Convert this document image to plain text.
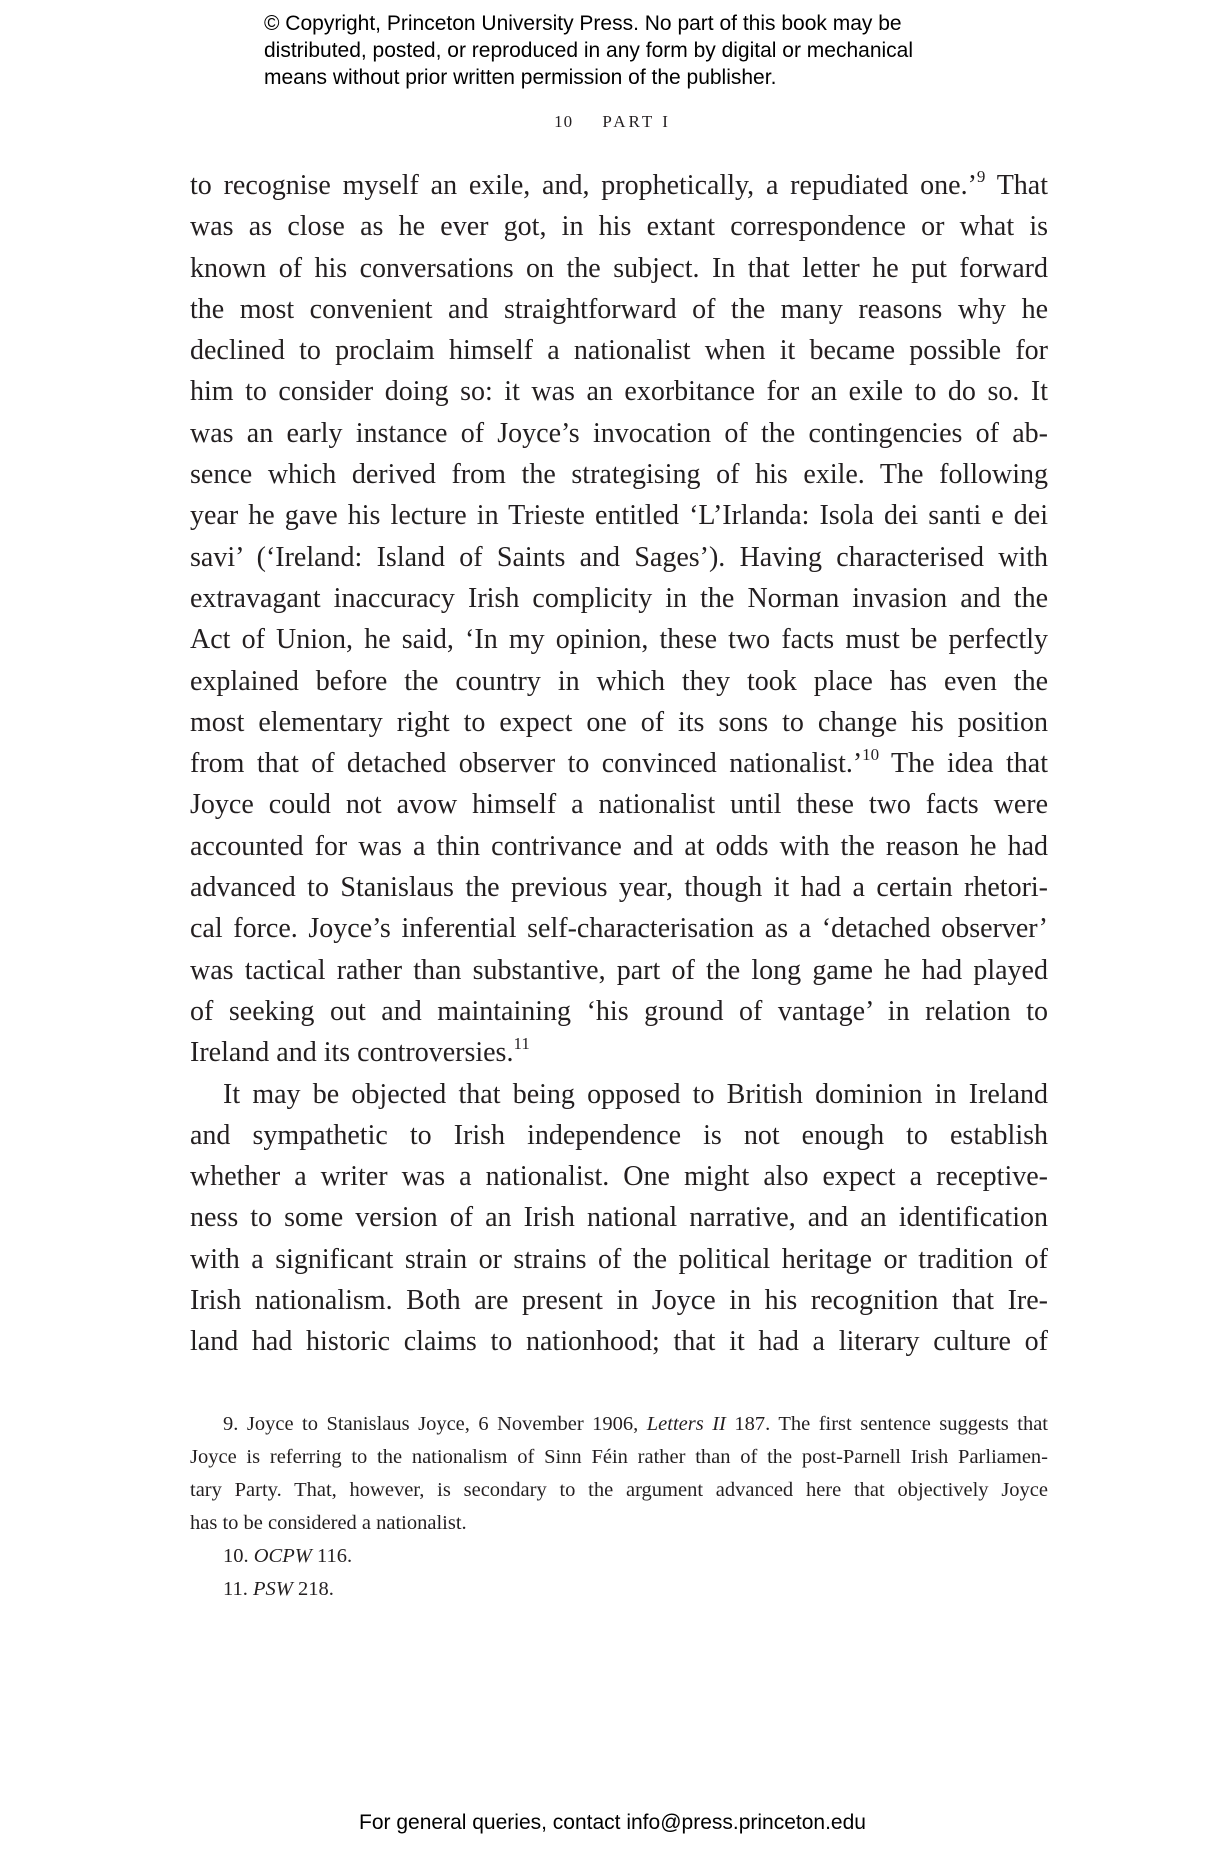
© Copyright, Princeton University Press. No part of this book may be
distributed, posted, or reproduced in any form by digital or mechanical
means without prior written permission of the publisher.
10 PART I
to recognise myself an exile, and, prophetically, a repudiated one.’$^9$ That
was as close as he ever got, in his extant correspondence or what is
known of his conversations on the subject. In that letter he put forward
the most convenient and straightforward of the many reasons why he
declined to proclaim himself a nationalist when it became possible for
him to consider doing so: it was an exorbitance for an exile to do so. It
was an early instance of Joyce’s invocation of the contingencies of ab-
sence which derived from the strategising of his exile. The following
year he gave his lecture in Trieste entitled ‘L’Irlanda: Isola dei santi e dei
savi’ (‘Ireland: Island of Saints and Sages’). Having characterised with
extravagant inaccuracy Irish complicity in the Norman invasion and the
Act of Union, he said, ‘In my opinion, these two facts must be perfectly
explained before the country in which they took place has even the
most elementary right to expect one of its sons to change his position
from that of detached observer to convinced nationalist.’$^{10}$ The idea that
Joyce could not avow himself a nationalist until these two facts were
accounted for was a thin contrivance and at odds with the reason he had
advanced to Stanislaus the previous year, though it had a certain rhetori-
cal force. Joyce’s inferential self-characterisation as a ‘detached observer’
was tactical rather than substantive, part of the long game he had played
of seeking out and maintaining ‘his ground of vantage’ in relation to
Ireland and its controversies.$^{11}$
It may be objected that being opposed to British dominion in Ireland
and sympathetic to Irish independence is not enough to establish
whether a writer was a nationalist. One might also expect a receptive-
ness to some version of an Irish national narrative, and an identification
with a significant strain or strains of the political heritage or tradition of
Irish nationalism. Both are present in Joyce in his recognition that Ire-
land had historic claims to nationhood; that it had a literary culture of
9. Joyce to Stanislaus Joyce, 6 November 1906, Letters II 187. The first sentence suggests that
Joyce is referring to the nationalism of Sinn Féin rather than of the post-Parnell Irish Parliamen-
tary Party. That, however, is secondary to the argument advanced here that objectively Joyce
has to be considered a nationalist.
10. OCPW 116.
11. PSW 218.
For general queries, contact info@press.princeton.edu
